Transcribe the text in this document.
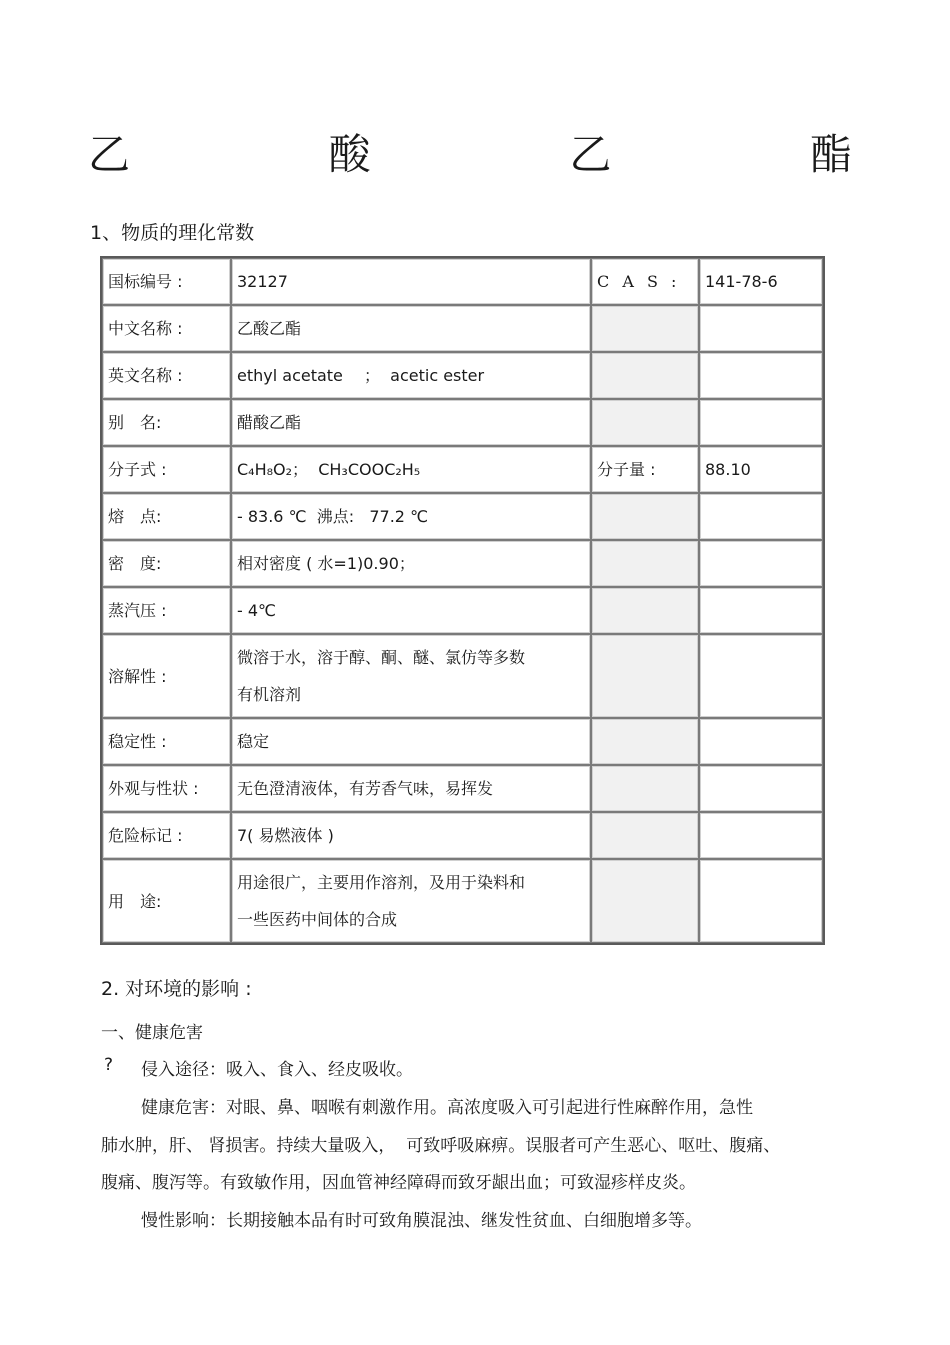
乙	酸	乙	酯
1、物质的理化常数
国标编号 :	32127	C A S :	141-78-6
中文名称 :	乙酸乙酯		
英文名称 :	ethyl acetate　 ；  acetic ester		
别　名:	醋酸乙酯		
分子式 :	C₄H₈O₂；  CH₃COOC₂H₅	分子量 :	88.10
熔　点:	- 83.6 ℃  沸点:   77.2 ℃		
密　度:	相对密度 ( 水=1)0.90；		
蒸汽压 :	- 4℃		
溶解性 :	微溶于水，溶于醇、酮、醚、氯仿等多数
有机溶剂		

稳定性 :	稳定		
外观与性状 :	无色澄清液体，有芳香气味，易挥发		
危险标记 :	7( 易燃液体 )		
用　途:	用途很广，主要用作溶剂，及用于染料和
一些医药中间体的合成		

2. 对环境的影响 :
一、健康危害
? 侵入途径：吸入、食入、经皮吸收。
健康危害：对眼、鼻、咽喉有刺激作用。高浓度吸入可引起进行性麻醉作用，急性
肺水肿，肝、 肾损害。持续大量吸入，  可致呼吸麻痹。误服者可产生恶心、呕吐、腹痛、
腹痛、腹泻等。有致敏作用，因血管神经障碍而致牙龈出血；可致湿疹样皮炎。
慢性影响：长期接触本品有时可致角膜混浊、继发性贫血、白细胞增多等。
